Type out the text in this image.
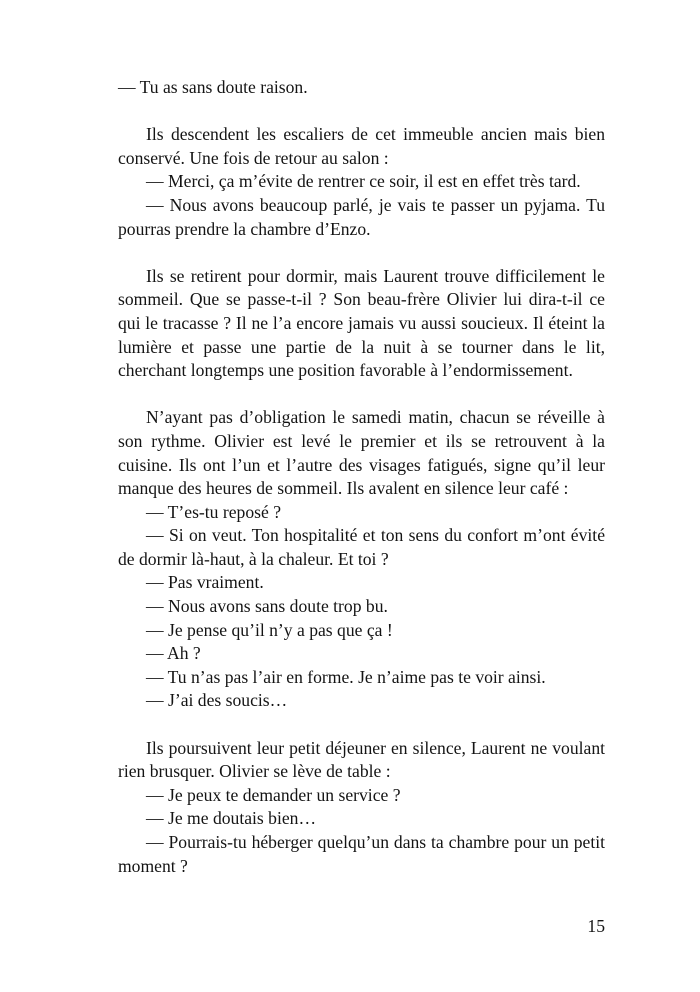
— Tu as sans doute raison.

Ils descendent les escaliers de cet immeuble ancien mais bien conservé. Une fois de retour au salon :

— Merci, ça m’évite de rentrer ce soir, il est en effet très tard.

— Nous avons beaucoup parlé, je vais te passer un pyjama. Tu pourras prendre la chambre d’Enzo.

Ils se retirent pour dormir, mais Laurent trouve difficilement le sommeil. Que se passe-t-il ? Son beau-frère Olivier lui dira-t-il ce qui le tracasse ? Il ne l’a encore jamais vu aussi soucieux. Il éteint la lumière et passe une partie de la nuit à se tourner dans le lit, cherchant longtemps une position favorable à l’endormissement.

N’ayant pas d’obligation le samedi matin, chacun se réveille à son rythme. Olivier est levé le premier et ils se retrouvent à la cuisine. Ils ont l’un et l’autre des visages fatigués, signe qu’il leur manque des heures de sommeil. Ils avalent en silence leur café :

— T’es-tu reposé ?

— Si on veut. Ton hospitalité et ton sens du confort m’ont évité de dormir là-haut, à la chaleur. Et toi ?

— Pas vraiment.

— Nous avons sans doute trop bu.

— Je pense qu’il n’y a pas que ça !

— Ah ?

— Tu n’as pas l’air en forme. Je n’aime pas te voir ainsi.

— J’ai des soucis…

Ils poursuivent leur petit déjeuner en silence, Laurent ne voulant rien brusquer. Olivier se lève de table :

— Je peux te demander un service ?

— Je me doutais bien…

— Pourrais-tu héberger quelqu’un dans ta chambre pour un petit moment ?

15
